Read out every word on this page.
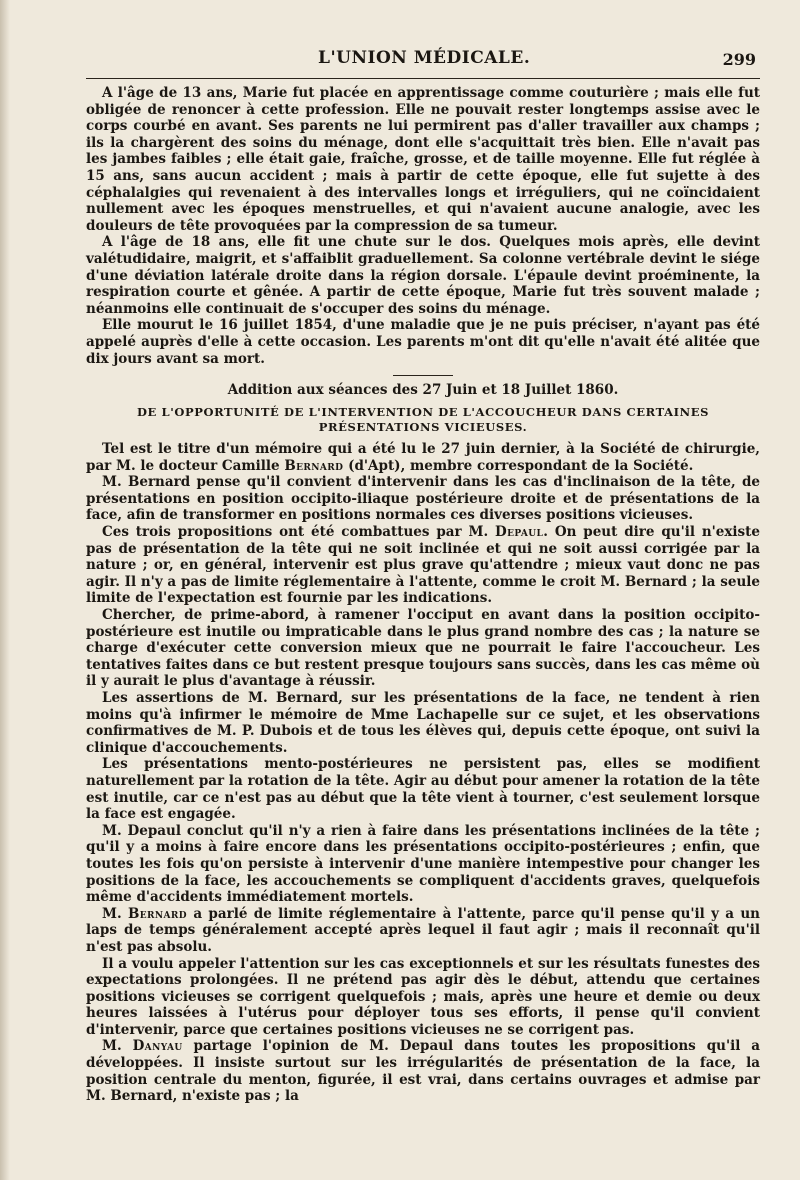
L'UNION MÉDICALE.	299

A l'âge de 13 ans, Marie fut placée en apprentissage comme couturière ; mais elle fut obligée de renoncer à cette profession. Elle ne pouvait rester longtemps assise avec le corps courbé en avant. Ses parents ne lui permirent pas d'aller travailler aux champs ; ils la chargèrent des soins du ménage, dont elle s'acquittait très bien. Elle n'avait pas les jambes faibles ; elle était gaie, fraîche, grosse, et de taille moyenne. Elle fut réglée à 15 ans, sans aucun accident ; mais à partir de cette époque, elle fut sujette à des céphalalgies qui revenaient à des intervalles longs et irréguliers, qui ne coïncidaient nullement avec les époques menstruelles, et qui n'avaient aucune analogie, avec les douleurs de tête provoquées par la compression de sa tumeur.

A l'âge de 18 ans, elle fit une chute sur le dos. Quelques mois après, elle devint valétudidaire, maigrit, et s'affaiblit graduellement. Sa colonne vertébrale devint le siége d'une déviation latérale droite dans la région dorsale. L'épaule devint proéminente, la respiration courte et gênée. A partir de cette époque, Marie fut très souvent malade ; néanmoins elle continuait de s'occuper des soins du ménage.

Elle mourut le 16 juillet 1854, d'une maladie que je ne puis préciser, n'ayant pas été appelé auprès d'elle à cette occasion. Les parents m'ont dit qu'elle n'avait été alitée que dix jours avant sa mort.

Addition aux séances des 27 Juin et 18 Juillet 1860.
DE L'OPPORTUNITÉ DE L'INTERVENTION DE L'ACCOUCHEUR DANS CERTAINES PRÉSENTATIONS VICIEUSES.

Tel est le titre d'un mémoire qui a été lu le 27 juin dernier, à la Société de chirurgie, par M. le docteur Camille Bernard (d'Apt), membre correspondant de la Société.

M. Bernard pense qu'il convient d'intervenir dans les cas d'inclinaison de la tête, de présentations en position occipito-iliaque postérieure droite et de présentations de la face, afin de transformer en positions normales ces diverses positions vicieuses.

Ces trois propositions ont été combattues par M. Depaul. On peut dire qu'il n'existe pas de présentation de la tête qui ne soit inclinée et qui ne soit aussi corrigée par la nature ; or, en général, intervenir est plus grave qu'attendre ; mieux vaut donc ne pas agir. Il n'y a pas de limite réglementaire à l'attente, comme le croit M. Bernard ; la seule limite de l'expectation est fournie par les indications.

Chercher, de prime-abord, à ramener l'occiput en avant dans la position occipito-postérieure est inutile ou impraticable dans le plus grand nombre des cas ; la nature se charge d'exécuter cette conversion mieux que ne pourrait le faire l'accoucheur. Les tentatives faites dans ce but restent presque toujours sans succès, dans les cas même où il y aurait le plus d'avantage à réussir.

Les assertions de M. Bernard, sur les présentations de la face, ne tendent à rien moins qu'à infirmer le mémoire de Mme Lachapelle sur ce sujet, et les observations confirmatives de M. P. Dubois et de tous les élèves qui, depuis cette époque, ont suivi la clinique d'accouchements.

Les présentations mento-postérieures ne persistent pas, elles se modifient naturellement par la rotation de la tête. Agir au début pour amener la rotation de la tête est inutile, car ce n'est pas au début que la tête vient à tourner, c'est seulement lorsque la face est engagée.

M. Depaul conclut qu'il n'y a rien à faire dans les présentations inclinées de la tête ; qu'il y a moins à faire encore dans les présentations occipito-postérieures ; enfin, que toutes les fois qu'on persiste à intervenir d'une manière intempestive pour changer les positions de la face, les accouchements se compliquent d'accidents graves, quelquefois même d'accidents immédiatement mortels.

M. Bernard a parlé de limite réglementaire à l'attente, parce qu'il pense qu'il y a un laps de temps généralement accepté après lequel il faut agir ; mais il reconnaît qu'il n'est pas absolu.

Il a voulu appeler l'attention sur les cas exceptionnels et sur les résultats funestes des expectations prolongées. Il ne prétend pas agir dès le début, attendu que certaines positions vicieuses se corrigent quelquefois ; mais, après une heure et demie ou deux heures laissées à l'utérus pour déployer tous ses efforts, il pense qu'il convient d'intervenir, parce que certaines positions vicieuses ne se corrigent pas.

M. Danyau partage l'opinion de M. Depaul dans toutes les propositions qu'il a développées. Il insiste surtout sur les irrégularités de présentation de la face, la position centrale du menton, figurée, il est vrai, dans certains ouvrages et admise par M. Bernard, n'existe pas ; la
